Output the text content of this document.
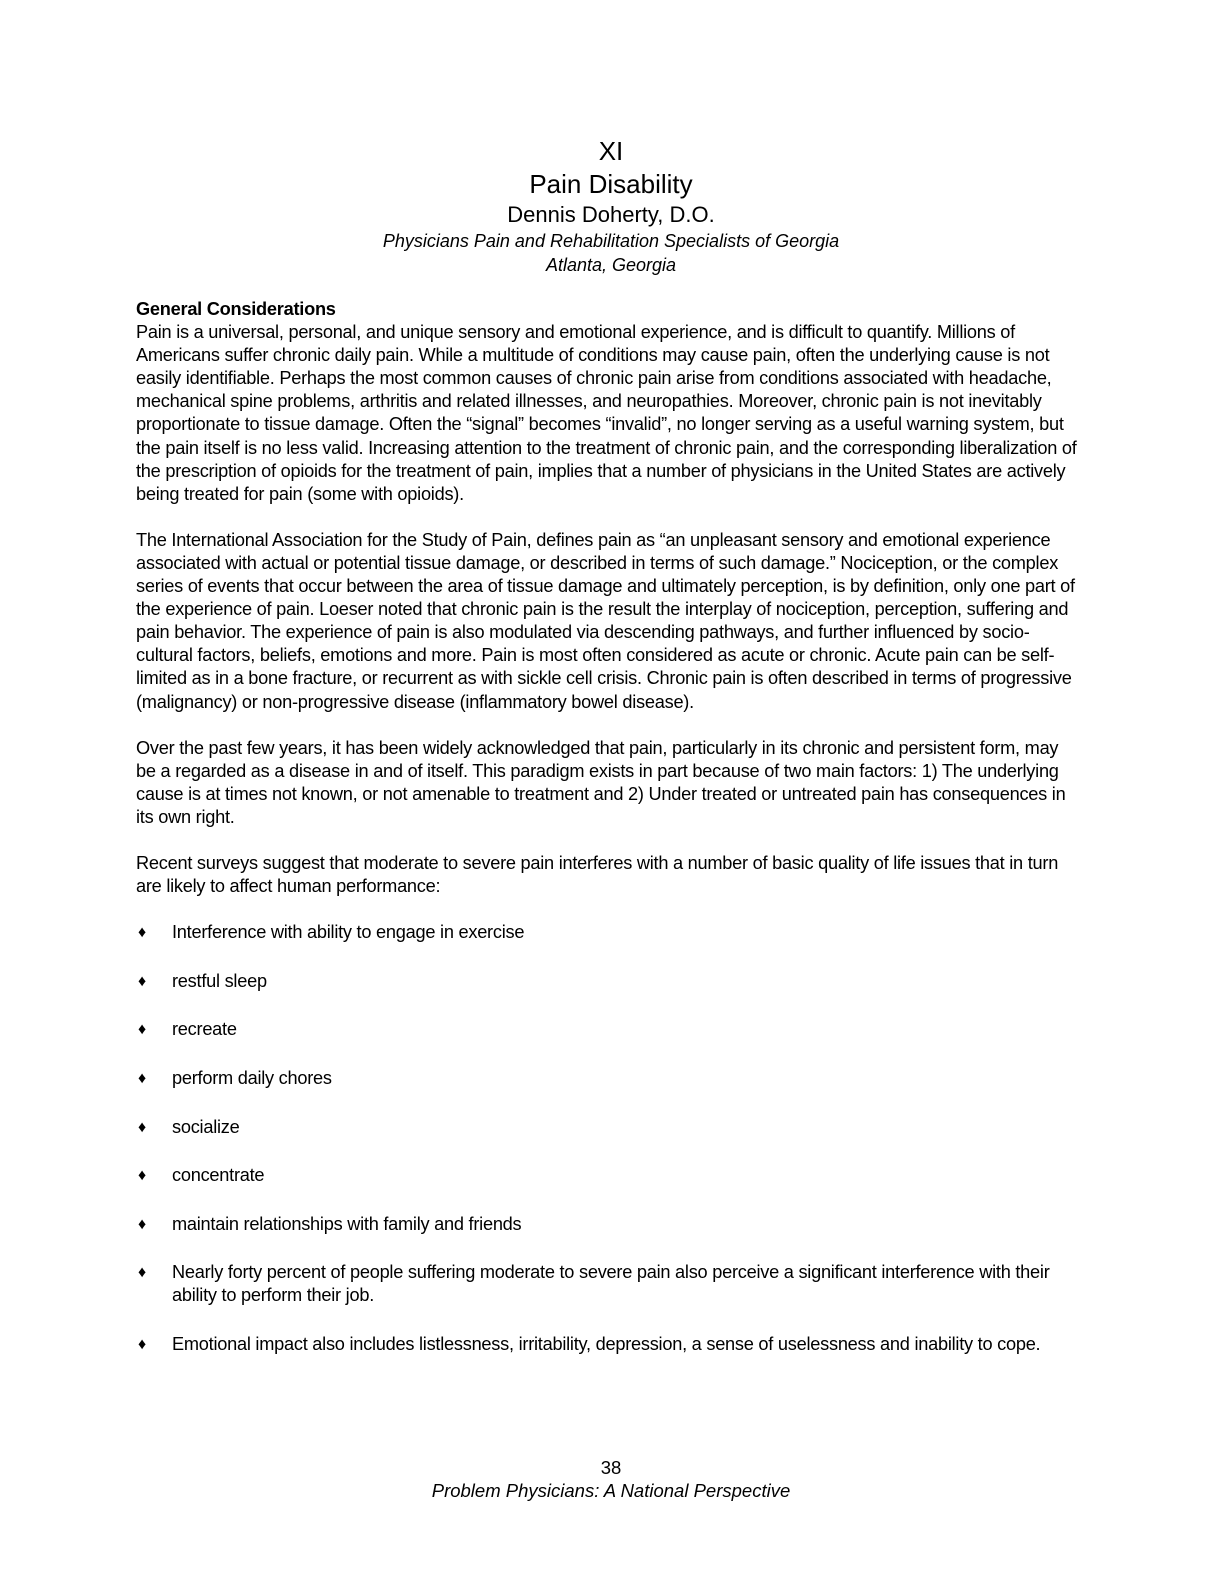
XI

Pain Disability

Dennis Doherty, D.O.

Physicians Pain and Rehabilitation Specialists of Georgia

Atlanta, Georgia

General Considerations

Pain is a universal, personal, and unique sensory and emotional experience, and is difficult to quantify. Millions of Americans suffer chronic daily pain. While a multitude of conditions may cause pain, often the underlying cause is not easily identifiable. Perhaps the most common causes of chronic pain arise from conditions associated with headache, mechanical spine problems, arthritis and related illnesses, and neuropathies. Moreover, chronic pain is not inevitably proportionate to tissue damage. Often the “signal” becomes “invalid”, no longer serving as a useful warning system, but the pain itself is no less valid. Increasing attention to the treatment of chronic pain, and the corresponding liberalization of the prescription of opioids for the treatment of pain, implies that a number of physicians in the United States are actively being treated for pain (some with opioids).

The International Association for the Study of Pain, defines pain as “an unpleasant sensory and emotional experience associated with actual or potential tissue damage, or described in terms of such damage.” Nociception, or the complex series of events that occur between the area of tissue damage and ultimately perception, is by definition, only one part of the experience of pain. Loeser noted that chronic pain is the result the interplay of nociception, perception, suffering and pain behavior. The experience of pain is also modulated via descending pathways, and further influenced by socio-cultural factors, beliefs, emotions and more. Pain is most often considered as acute or chronic. Acute pain can be self-limited as in a bone fracture, or recurrent as with sickle cell crisis. Chronic pain is often described in terms of progressive (malignancy) or non-progressive disease (inflammatory bowel disease).

Over the past few years, it has been widely acknowledged that pain, particularly in its chronic and persistent form, may be a regarded as a disease in and of itself. This paradigm exists in part because of two main factors: 1) The underlying cause is at times not known, or not amenable to treatment and 2) Under treated or untreated pain has consequences in its own right.

Recent surveys suggest that moderate to severe pain interferes with a number of basic quality of life issues that in turn are likely to affect human performance:

♦	Interference with ability to engage in exercise
♦	restful sleep
♦	recreate
♦	perform daily chores
♦	socialize
♦	concentrate
♦	maintain relationships with family and friends
♦	Nearly forty percent of people suffering moderate to severe pain also perceive a significant interference with their ability to perform their job.
♦	Emotional impact also includes listlessness, irritability, depression, a sense of uselessness and inability to cope.

38

Problem Physicians: A National Perspective
